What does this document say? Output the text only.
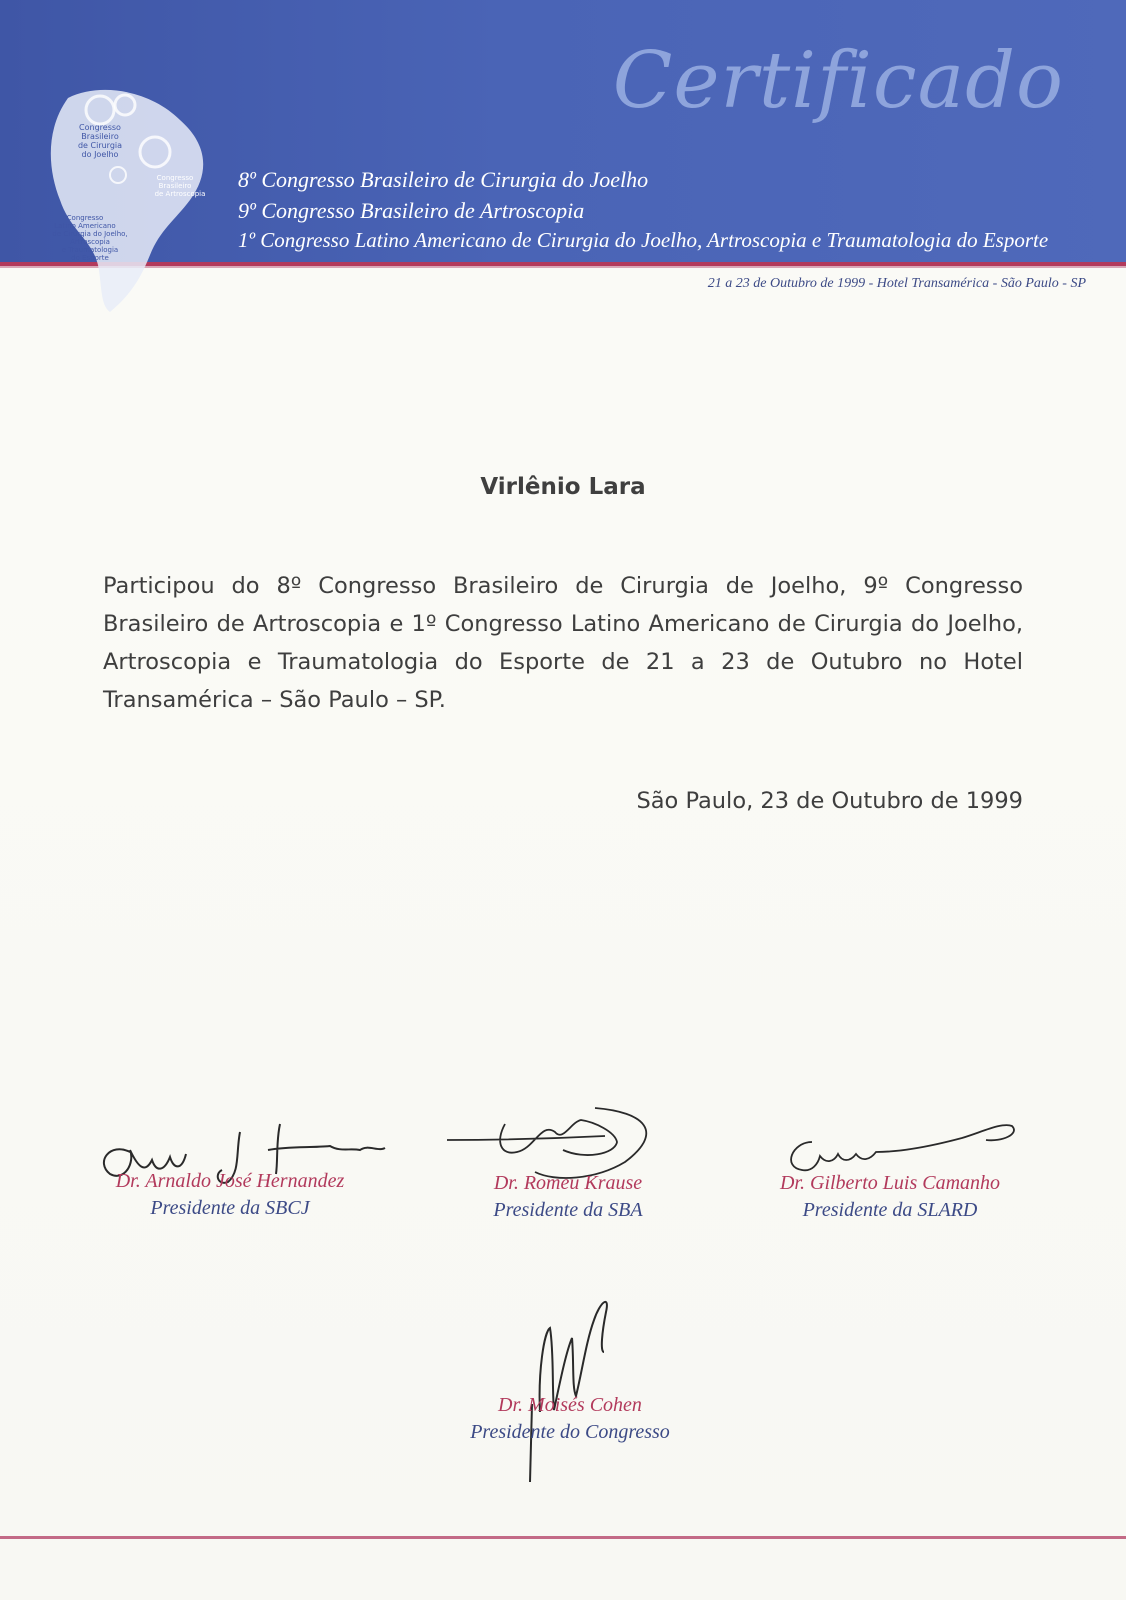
Congresso
Brasileiro
de Cirurgia
do Joelho
Congresso
Brasileiro
de Artroscopia
Congresso
Latino Americano
de Cirurgia do Joelho,
Artroscopia
e Traumatologia
do Esporte
Certificado
8º Congresso Brasileiro de Cirurgia do Joelho
9º Congresso Brasileiro de Artroscopia
1º Congresso Latino Americano de Cirurgia do Joelho, Artroscopia e Traumatologia do Esporte
21 a 23 de Outubro de 1999 - Hotel Transamérica - São Paulo - SP
Virlênio Lara
Participou do 8º Congresso Brasileiro de Cirurgia de Joelho, 9º Congresso Brasileiro de Artroscopia e 1º Congresso Latino Americano de Cirurgia do Joelho, Artroscopia e Traumatologia do Esporte de 21 a 23 de Outubro no Hotel Transamérica – São Paulo – SP.
São Paulo, 23 de Outubro de 1999
Dr. Arnaldo José Hernandez
Presidente da SBCJ
Dr. Romeu Krause
Presidente da SBA
Dr. Gilberto Luis Camanho
Presidente da SLARD
Dr. Moisés Cohen
Presidente do Congresso
